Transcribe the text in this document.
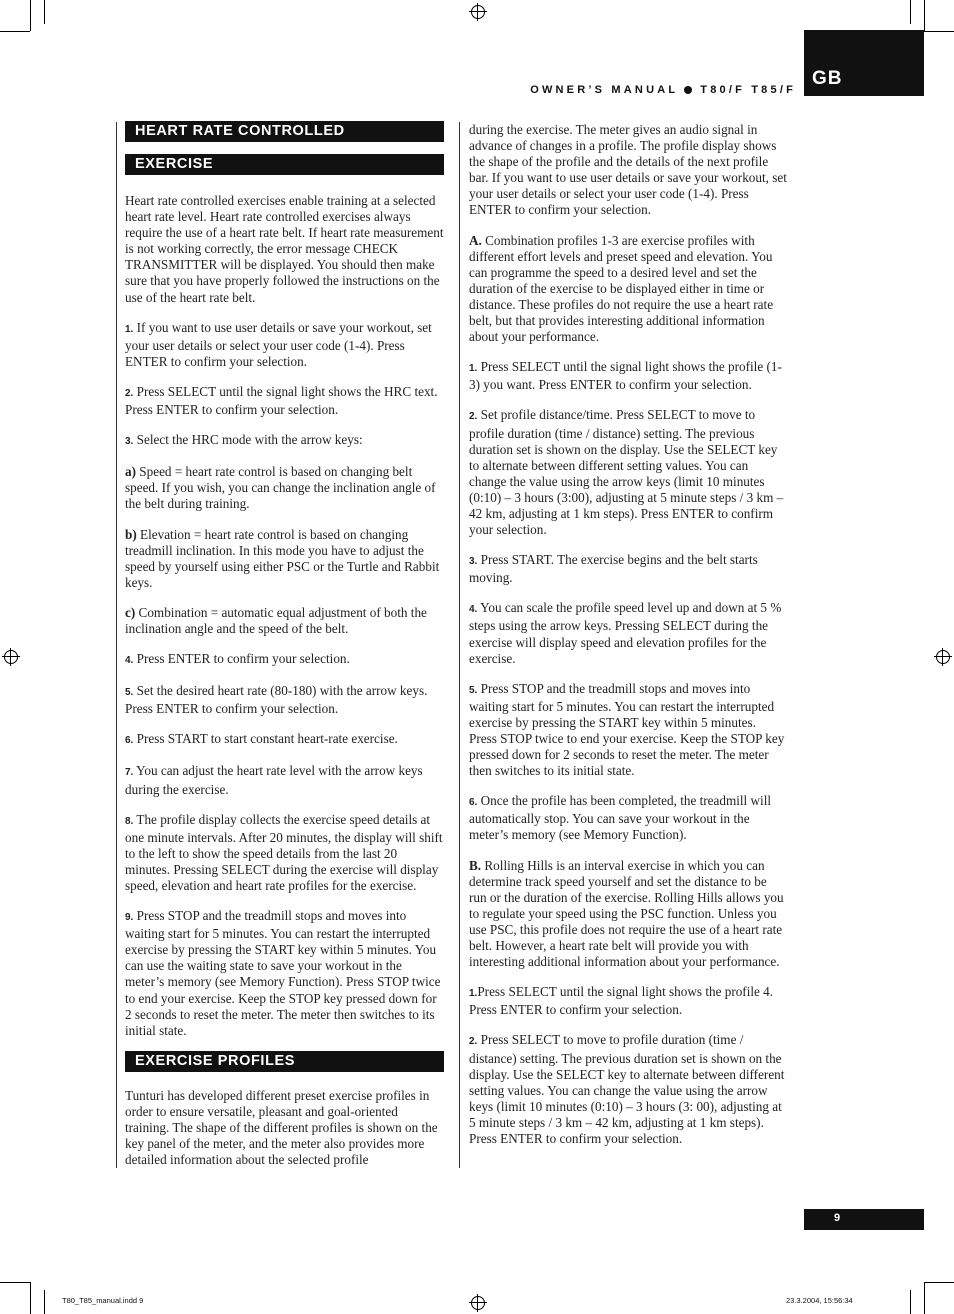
GB
OWNER’S MANUAL T80/F T85/F
HEART RATE CONTROLLED
EXERCISE

Heart rate controlled exercises enable training at a selected heart rate level. Heart rate controlled exercises always require the use of a heart rate belt. If heart rate measurement is not working correctly, the error message CHECK TRANSMITTER will be displayed. You should then make sure that you have properly followed the instructions on the use of the heart rate belt.

1. If you want to use user details or save your workout, set your user details or select your user code (1-4). Press ENTER to confirm your selection.

2. Press SELECT until the signal light shows the HRC text. Press ENTER to confirm your selection.

3. Select the HRC mode with the arrow keys:

a) Speed = heart rate control is based on changing belt speed. If you wish, you can change the inclination angle of the belt during training.

b) Elevation = heart rate control is based on changing treadmill inclination. In this mode you have to adjust the speed by yourself using either PSC or the Turtle and Rabbit keys.

c) Combination = automatic equal adjustment of both the inclination angle and the speed of the belt.

4. Press ENTER to confirm your selection.

5. Set the desired heart rate (80-180) with the arrow keys. Press ENTER to confirm your selection.

6. Press START to start constant heart-rate exercise.

7. You can adjust the heart rate level with the arrow keys during the exercise.

8. The profile display collects the exercise speed details at one minute intervals. After 20 minutes, the display will shift to the left to show the speed details from the last 20 minutes. Pressing SELECT during the exercise will display speed, elevation and heart rate profiles for the exercise.

9. Press STOP and the treadmill stops and moves into waiting start for 5 minutes. You can restart the interrupted exercise by pressing the START key within 5 minutes. You can use the waiting state to save your workout in the meter’s memory (see Memory Function). Press STOP twice to end your exercise. Keep the STOP key pressed down for 2 seconds to reset the meter. The meter then switches to its initial state.

EXERCISE PROFILES

Tunturi has developed different preset exercise profiles in order to ensure versatile, pleasant and goal-oriented training. The shape of the different profiles is shown on the key panel of the meter, and the meter also provides more detailed information about the selected profile

during the exercise. The meter gives an audio signal in advance of changes in a profile. The profile display shows the shape of the profile and the details of the next profile bar. If you want to use user details or save your workout, set your user details or select your user code (1-4). Press ENTER to confirm your selection.

A. Combination profiles 1-3 are exercise profiles with different effort levels and preset speed and elevation. You can programme the speed to a desired level and set the duration of the exercise to be displayed either in time or distance. These profiles do not require the use a heart rate belt, but that provides interesting additional information about your performance.

1. Press SELECT until the signal light shows the profile (1-3) you want. Press ENTER to confirm your selection.

2. Set profile distance/time. Press SELECT to move to profile duration (time / distance) setting. The previous duration set is shown on the display. Use the SELECT key to alternate between different setting values. You can change the value using the arrow keys (limit 10 minutes (0:10) – 3 hours (3:00), adjusting at 5 minute steps / 3 km – 42 km, adjusting at 1 km steps). Press ENTER to confirm your selection.

3. Press START. The exercise begins and the belt starts moving.

4. You can scale the profile speed level up and down at 5 % steps using the arrow keys. Pressing SELECT during the exercise will display speed and elevation profiles for the exercise.

5. Press STOP and the treadmill stops and moves into waiting start for 5 minutes. You can restart the interrupted exercise by pressing the START key within 5 minutes. Press STOP twice to end your exercise. Keep the STOP key pressed down for 2 seconds to reset the meter. The meter then switches to its initial state.

6. Once the profile has been completed, the treadmill will automatically stop. You can save your workout in the meter’s memory (see Memory Function).

B. Rolling Hills is an interval exercise in which you can determine track speed yourself and set the distance to be run or the duration of the exercise. Rolling Hills allows you to regulate your speed using the PSC function. Unless you use PSC, this profile does not require the use of a heart rate belt. However, a heart rate belt will provide you with interesting additional information about your performance.

1.Press SELECT until the signal light shows the profile 4. Press ENTER to confirm your selection.

2. Press SELECT to move to profile duration (time / distance) setting. The previous duration set is shown on the display. Use the SELECT key to alternate between different setting values. You can change the value using the arrow keys (limit 10 minutes (0:10) – 3 hours (3: 00), adjusting at 5 minute steps / 3 km – 42 km, adjusting at 1 km steps). Press ENTER to confirm your selection.

9
T80_T85_manual.indd 9	23.3.2004, 15:56:34
